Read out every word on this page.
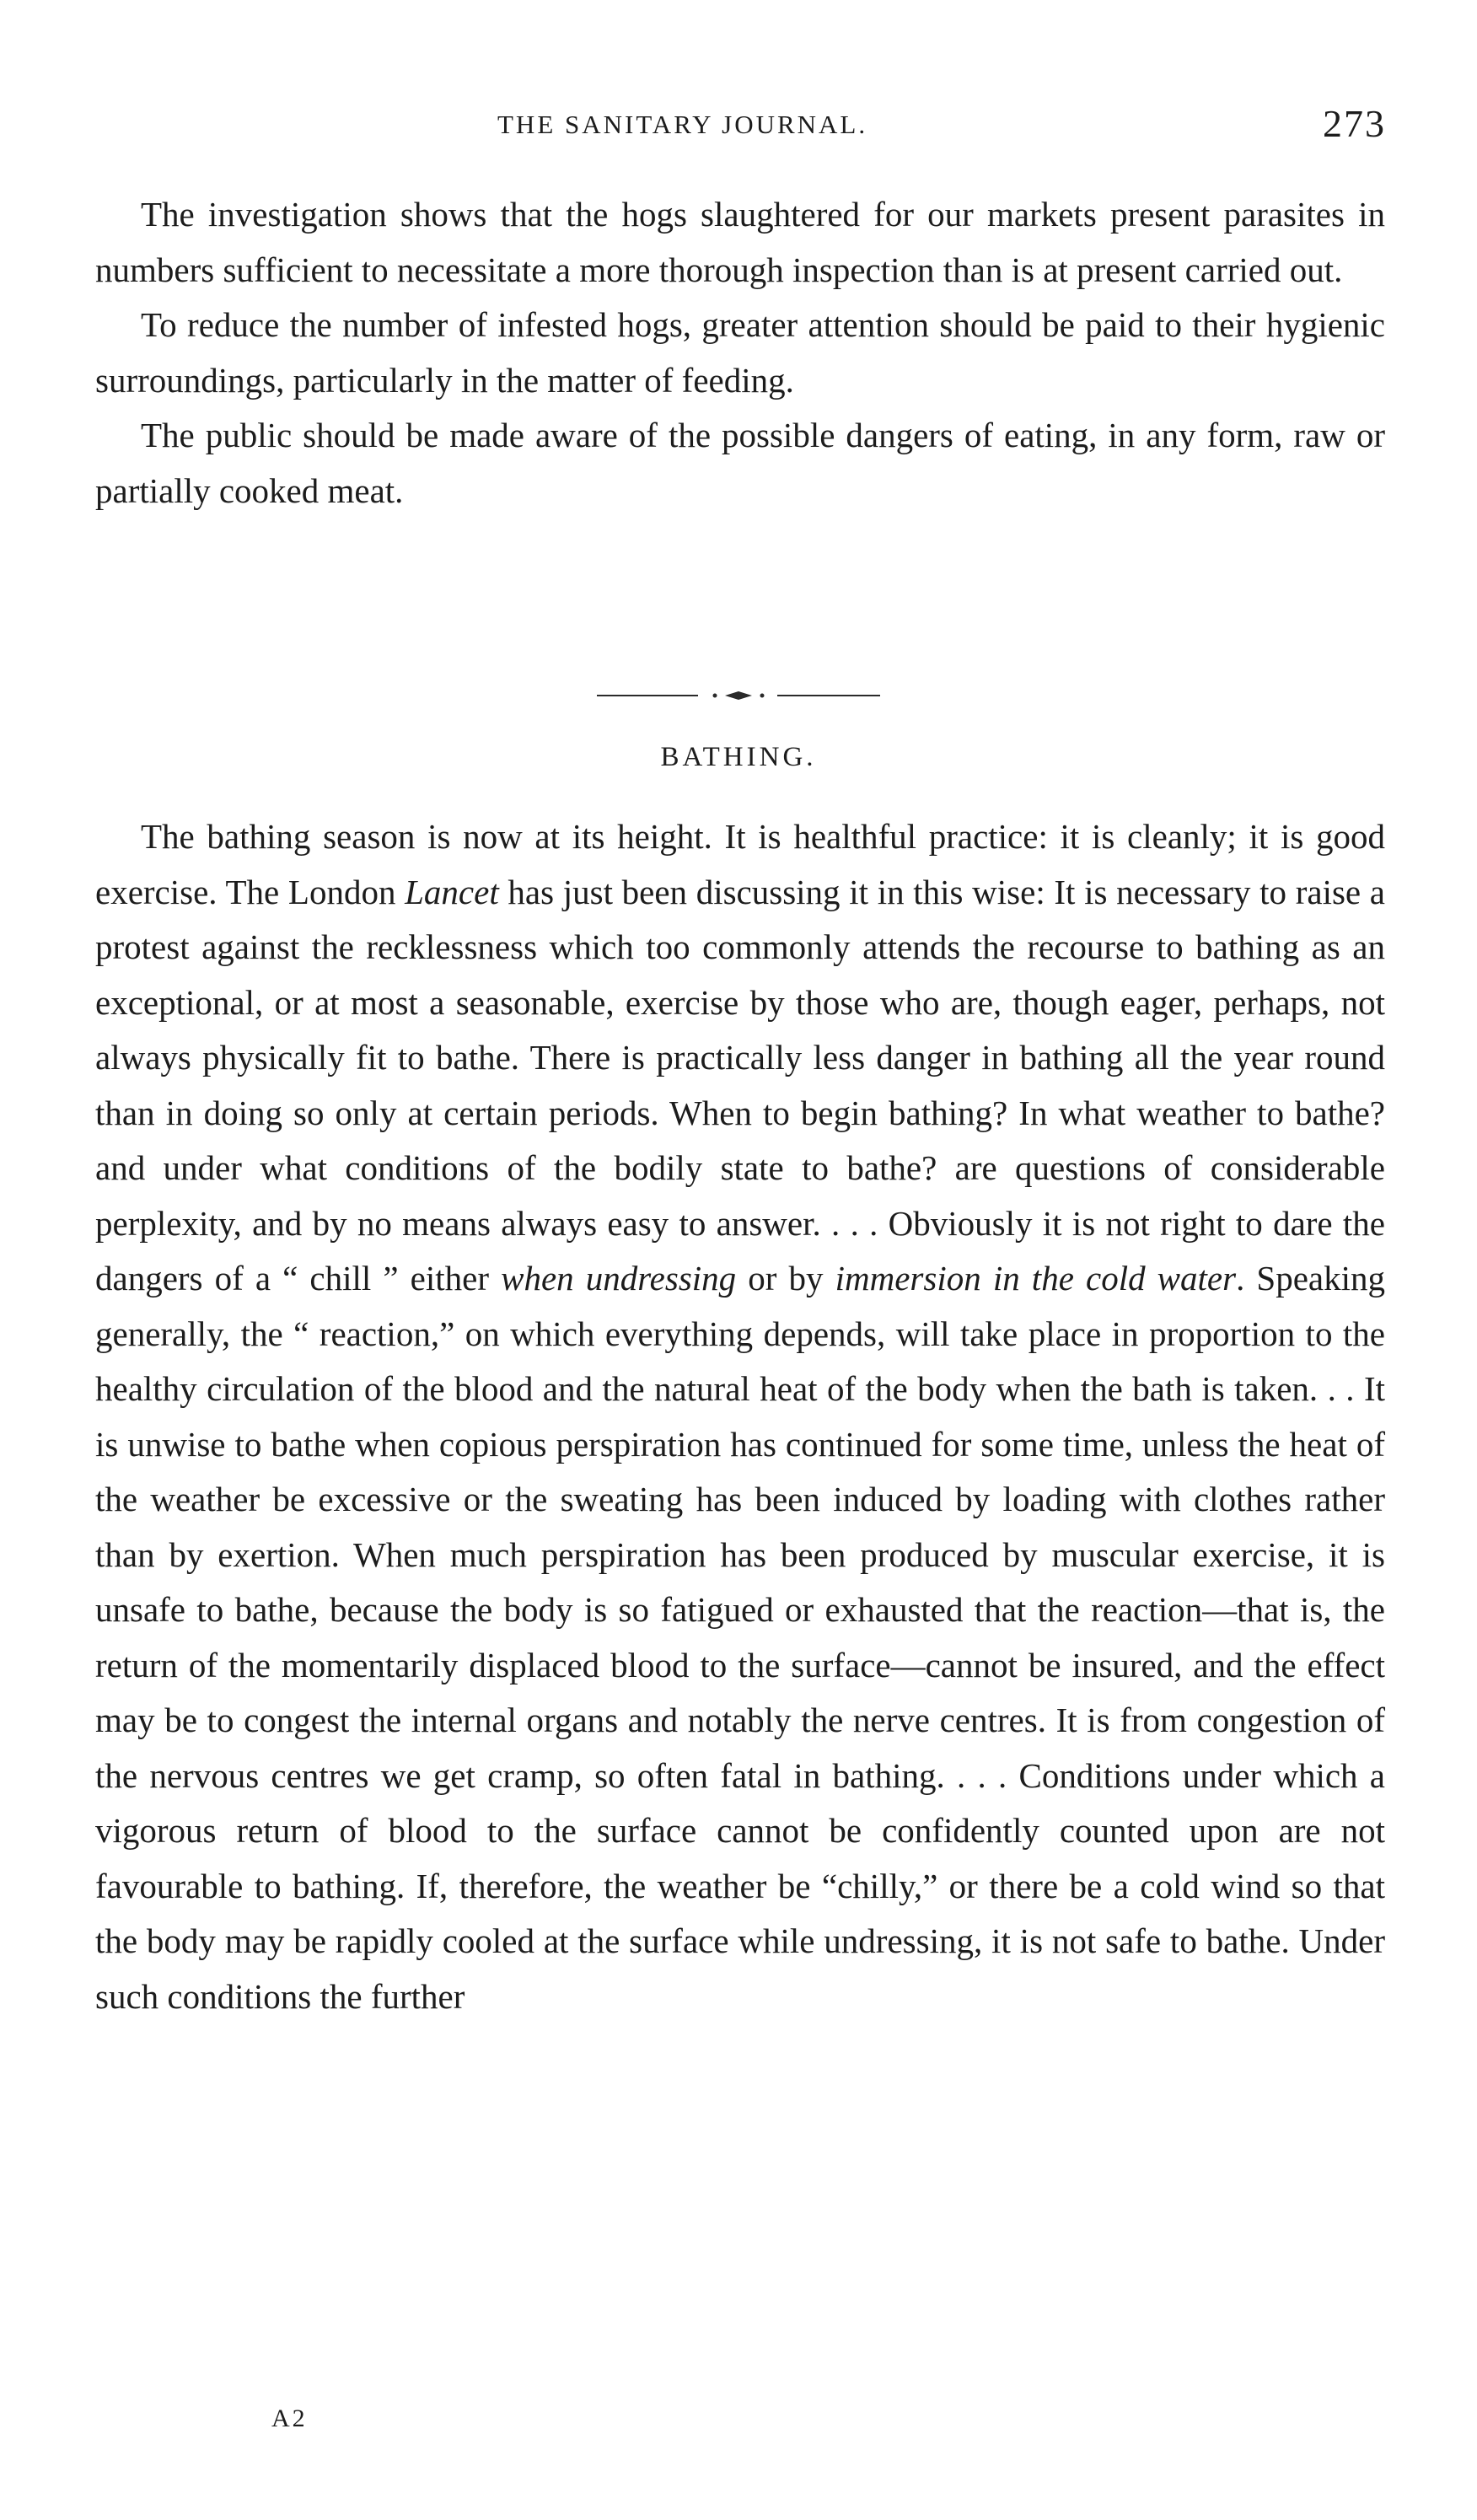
THE SANITARY JOURNAL.	273

The investigation shows that the hogs slaughtered for our markets present parasites in numbers sufficient to necessitate a more thorough inspection than is at present carried out.

To reduce the number of infested hogs, greater attention should be paid to their hygienic surroundings, particularly in the matter of feeding.

The public should be made aware of the possible dangers of eating, in any form, raw or partially cooked meat.

BATHING.

The bathing season is now at its height. It is healthful practice: it is cleanly; it is good exercise. The London Lancet has just been discussing it in this wise: It is necessary to raise a protest against the recklessness which too commonly attends the recourse to bathing as an exceptional, or at most a seasonable, exercise by those who are, though eager, perhaps, not always physically fit to bathe. There is practically less danger in bathing all the year round than in doing so only at certain periods. When to begin bathing? In what weather to bathe? and under what conditions of the bodily state to bathe? are questions of considerable perplexity, and by no means always easy to answer. . . . Obviously it is not right to dare the dangers of a “ chill ” either when undressing or by immersion in the cold water. Speaking generally, the “ reaction,” on which everything depends, will take place in proportion to the healthy circulation of the blood and the natural heat of the body when the bath is taken. . . It is unwise to bathe when copious perspiration has continued for some time, unless the heat of the weather be excessive or the sweating has been induced by loading with clothes rather than by exertion. When much perspiration has been produced by muscular exercise, it is unsafe to bathe, because the body is so fatigued or exhausted that the reaction—that is, the return of the momentarily displaced blood to the surface—cannot be insured, and the effect may be to congest the internal organs and notably the nerve centres. It is from congestion of the nervous centres we get cramp, so often fatal in bathing. . . . Conditions under which a vigorous return of blood to the surface cannot be confidently counted upon are not favourable to bathing. If, therefore, the weather be “chilly,” or there be a cold wind so that the body may be rapidly cooled at the surface while undressing, it is not safe to bathe. Under such conditions the further

A2
